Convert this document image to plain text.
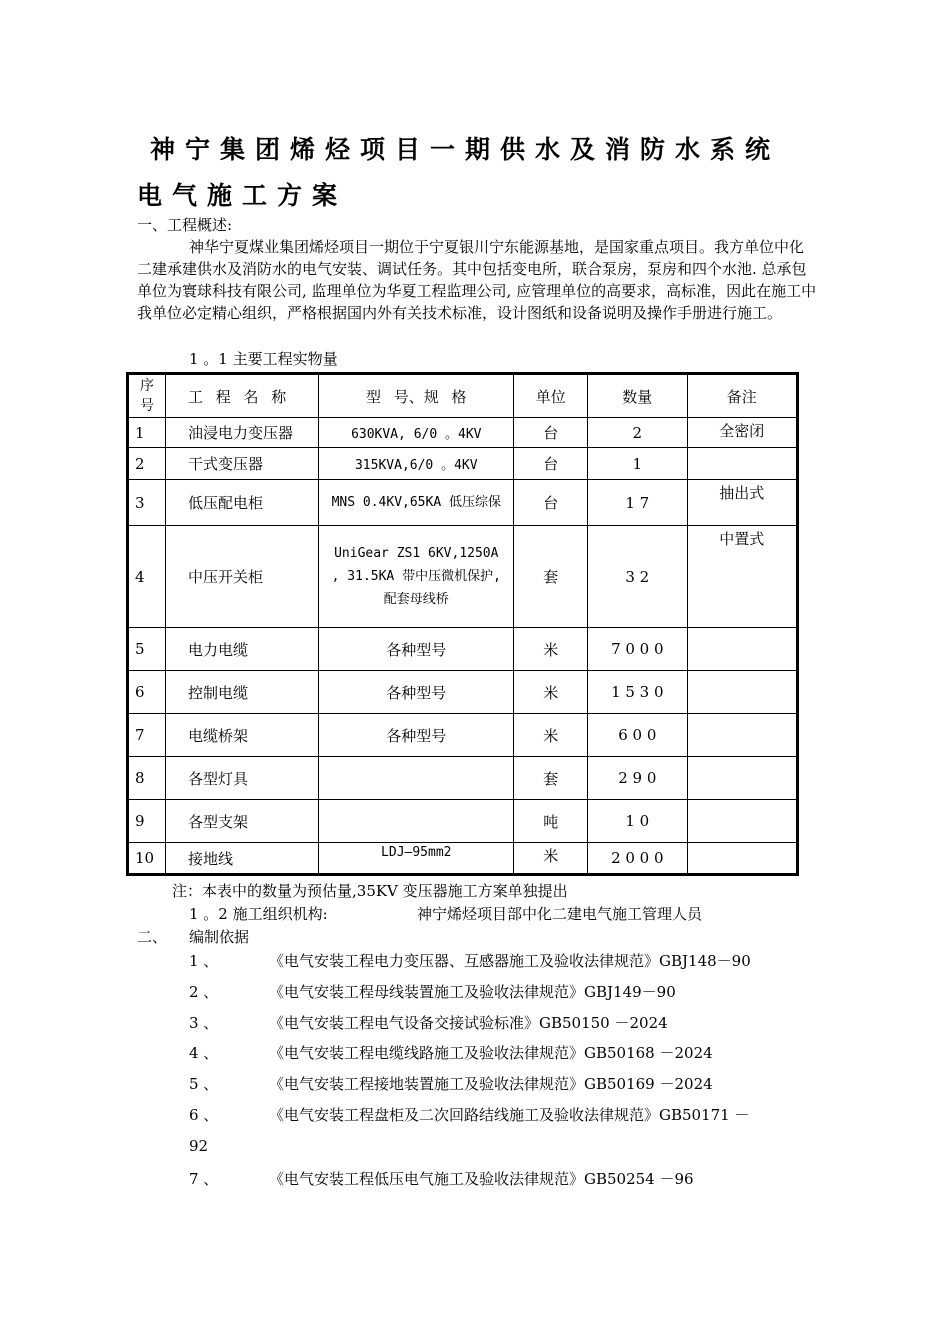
神宁集团烯烃项目一期供水及消防水系统
电气施工方案
一、工程概述:
神华宁夏煤业集团烯烃项目一期位于宁夏银川宁东能源基地，是国家重点项目。我方单位中化二建承建供水及消防水的电气安装、调试任务。其中包括变电所，联合泵房，泵房和四个水池. 总承包单位为寰球科技有限公司, 监理单位为华夏工程监理公司, 应管理单位的高要求，高标准，因此在施工中我单位必定精心组织，严格根据国内外有关技术标准，设计图纸和设备说明及操作手册进行施工。
1 。1 主要工程实物量
序号	工 程 名 称	型 号、规 格	单位	数量	备注
1	油浸电力变压器	630KVA, 6/0 。4KV	台	2	全密闭
2	干式变压器	315KVA,6/0 。4KV	台	1	
3	低压配电柜	MNS 0.4KV,65KA 低压综保	台	1 7	抽出式
4	中压开关柜	UniGear ZS1 6KV,1250A , 31.5KA 带中压微机保护, 配套母线桥	套	3 2	中置式
5	电力电缆	各种型号	米	7 0 0 0	
6	控制电缆	各种型号	米	1 5 3 0	
7	电缆桥架	各种型号	米	6 0 0	
8	各型灯具		套	2 9 0	
9	各型支架		吨	1 0	
10	接地线	LDJ—95mm2	米	2 0 0 0	
注：本表中的数量为预估量,35KV 变压器施工方案单独提出
1 。2 施工组织机构:	神宁烯烃项目部中化二建电气施工管理人员
二、 编制依据
1 、	《电气安装工程电力变压器、互感器施工及验收法律规范》GBJ148－90
2 、	《电气安装工程母线装置施工及验收法律规范》GBJ149－90
3 、	《电气安装工程电气设备交接试验标准》GB50150 －2024
4 、	《电气安装工程电缆线路施工及验收法律规范》GB50168 －2024
5 、	《电气安装工程接地装置施工及验收法律规范》GB50169 －2024
6 、	《电气安装工程盘柜及二次回路结线施工及验收法律规范》GB50171 －
92
7 、	《电气安装工程低压电气施工及验收法律规范》GB50254 －96
